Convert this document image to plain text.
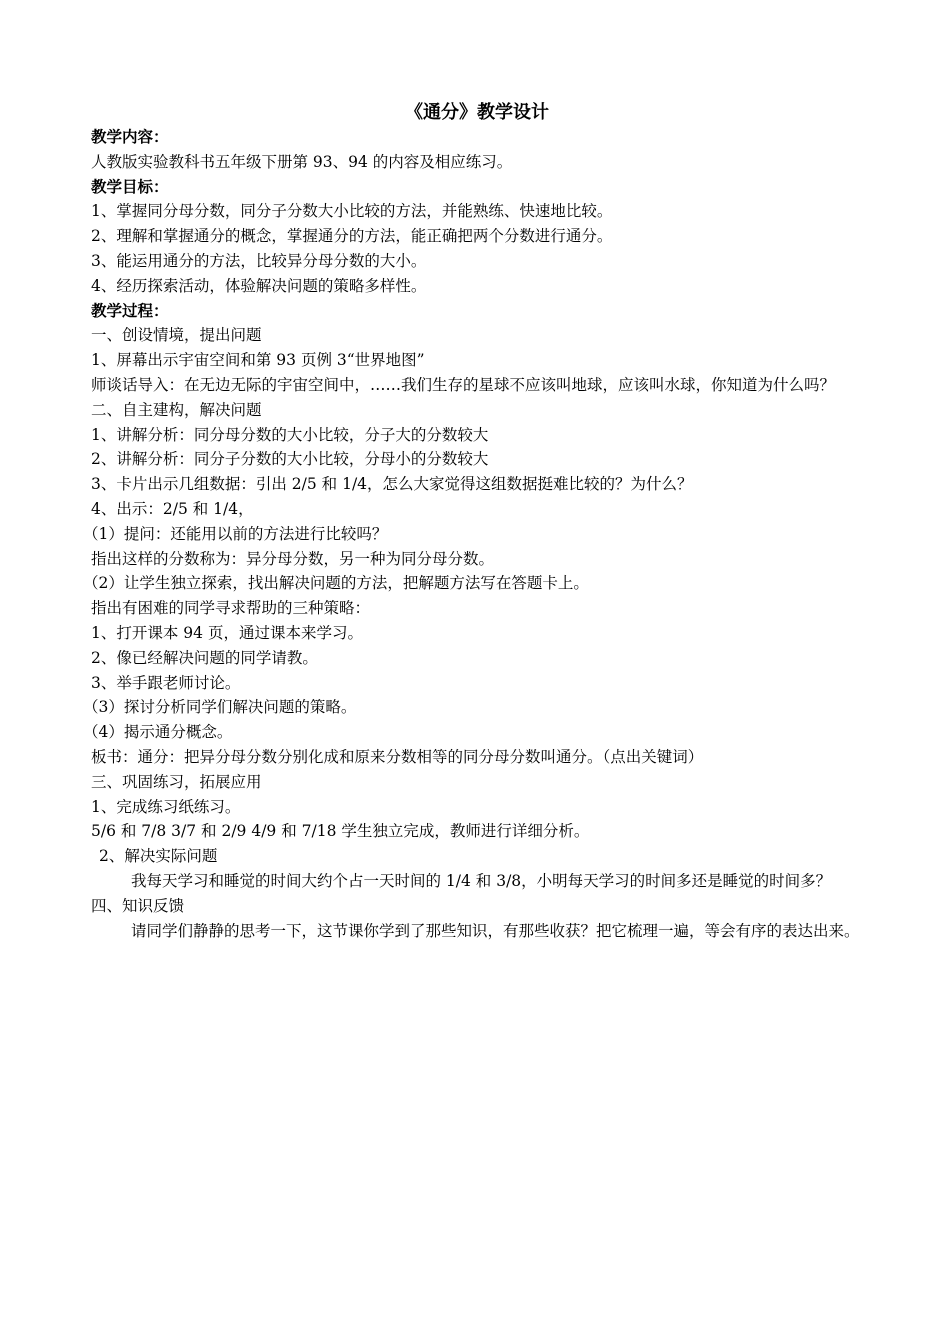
《通分》教学设计

教学内容：

人教版实验教科书五年级下册第 93、94 的内容及相应练习。

教学目标：

1、掌握同分母分数，同分子分数大小比较的方法，并能熟练、快速地比较。

2、理解和掌握通分的概念，掌握通分的方法，能正确把两个分数进行通分。

3、能运用通分的方法，比较异分母分数的大小。

4、经历探索活动，体验解决问题的策略多样性。

教学过程：

一、创设情境，提出问题

1、屏幕出示宇宙空间和第 93 页例 3“世界地图”

师谈话导入：在无边无际的宇宙空间中，……我们生存的星球不应该叫地球，应该叫水球，你知道为什么吗？

二、自主建构，解决问题

1、讲解分析：同分母分数的大小比较，分子大的分数较大

2、讲解分析：同分子分数的大小比较，分母小的分数较大

3、卡片出示几组数据：引出 2/5 和 1/4，怎么大家觉得这组数据挺难比较的？为什么？

4、出示：2/5 和 1/4，

（1）提问：还能用以前的方法进行比较吗？

指出这样的分数称为：异分母分数，另一种为同分母分数。

（2）让学生独立探索，找出解决问题的方法，把解题方法写在答题卡上。

指出有困难的同学寻求帮助的三种策略：

1、打开课本 94 页，通过课本来学习。

2、像已经解决问题的同学请教。

3、举手跟老师讨论。

（3）探讨分析同学们解决问题的策略。

（4）揭示通分概念。

板书：通分：把异分母分数分别化成和原来分数相等的同分母分数叫通分。（点出关键词）

三、巩固练习，拓展应用

1、完成练习纸练习。

5/6 和 7/8 3/7 和 2/9 4/9 和 7/18 学生独立完成，教师进行详细分析。

2、解决实际问题

我每天学习和睡觉的时间大约个占一天时间的 1/4 和 3/8，小明每天学习的时间多还是睡觉的时间多？

四、知识反馈

请同学们静静的思考一下，这节课你学到了那些知识，有那些收获？把它梳理一遍，等会有序的表达出来。
